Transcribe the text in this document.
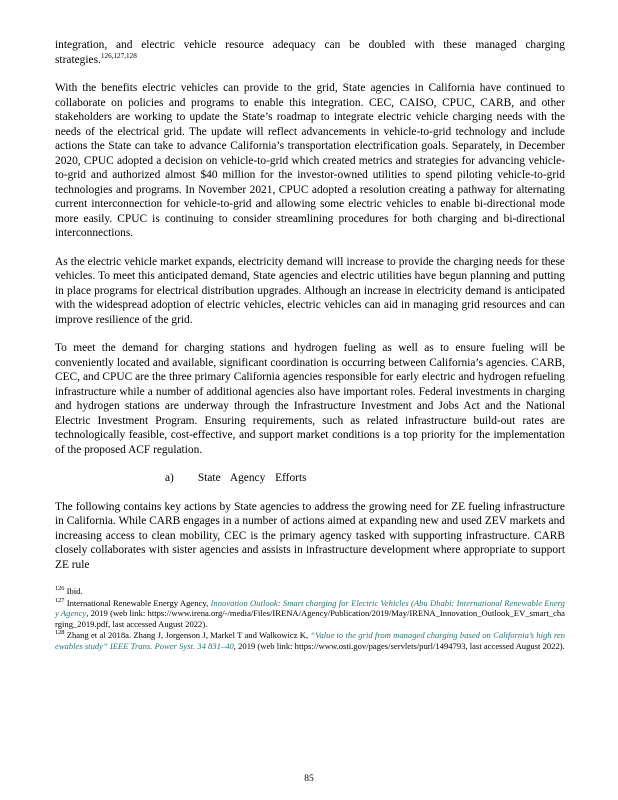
integration, and electric vehicle resource adequacy can be doubled with these managed charging strategies.$^{126,127,128}$

With the benefits electric vehicles can provide to the grid, State agencies in California have continued to collaborate on policies and programs to enable this integration. CEC, CAISO, CPUC, CARB, and other stakeholders are working to update the State’s roadmap to integrate electric vehicle charging needs with the needs of the electrical grid. The update will reflect advancements in vehicle-to-grid technology and include actions the State can take to advance California’s transportation electrification goals. Separately, in December 2020, CPUC adopted a decision on vehicle-to-grid which created metrics and strategies for advancing vehicle-to-grid and authorized almost $40 million for the investor-owned utilities to spend piloting vehicle-to-grid technologies and programs. In November 2021, CPUC adopted a resolution creating a pathway for alternating current interconnection for vehicle-to-grid and allowing some electric vehicles to enable bi-directional mode more easily. CPUC is continuing to consider streamlining procedures for both charging and bi-directional interconnections.

As the electric vehicle market expands, electricity demand will increase to provide the charging needs for these vehicles. To meet this anticipated demand, State agencies and electric utilities have begun planning and putting in place programs for electrical distribution upgrades. Although an increase in electricity demand is anticipated with the widespread adoption of electric vehicles, electric vehicles can aid in managing grid resources and can improve resilience of the grid.

To meet the demand for charging stations and hydrogen fueling as well as to ensure fueling will be conveniently located and available, significant coordination is occurring between California’s agencies. CARB, CEC, and CPUC are the three primary California agencies responsible for early electric and hydrogen refueling infrastructure while a number of additional agencies also have important roles. Federal investments in charging and hydrogen stations are underway through the Infrastructure Investment and Jobs Act and the National Electric Investment Program. Ensuring requirements, such as related infrastructure build-out rates are technologically feasible, cost-effective, and support market conditions is a top priority for the implementation of the proposed ACF regulation.

a) State Agency Efforts

The following contains key actions by State agencies to address the growing need for ZE fueling infrastructure in California. While CARB engages in a number of actions aimed at expanding new and used ZEV markets and increasing access to clean mobility, CEC is the primary agency tasked with supporting infrastructure. CARB closely collaborates with sister agencies and assists in infrastructure development where appropriate to support ZE rule

$^{126}$ Ibid.
$^{127}$ International Renewable Energy Agency, Innovation Outlook: Smart charging for Electric Vehicles (Abu Dhabi: International Renewable Energy Agency, 2019 (web link: https://www.irena.org/-/media/Files/IRENA/Agency/Publication/2019/May/IRENA_Innovation_Outlook_EV_smart_charging_2019.pdf, last accessed August 2022).
$^{128}$ Zhang et al 2018a. Zhang J, Jorgenson J, Markel T and Walkowicz K, “Value to the grid from managed charging based on California’s high renewables study” IEEE Trans. Power Syst. 34 831–40, 2019 (web link: https://www.osti.gov/pages/servlets/purl/1494793, last accessed August 2022).
85
